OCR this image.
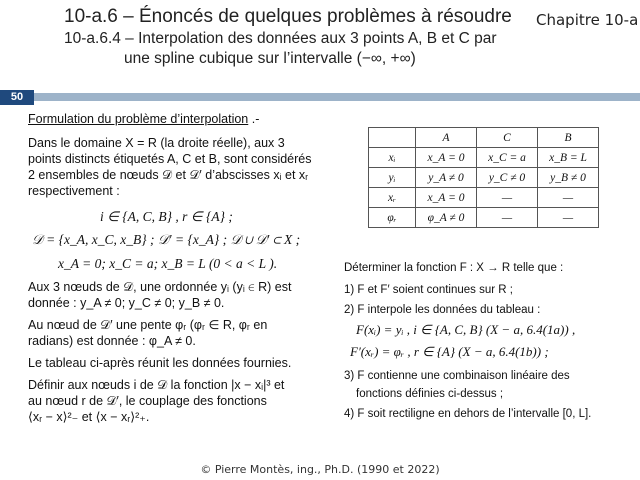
10-a.6 – Énoncés de quelques problèmes à résoudre
10-a.6.4 – Interpolation des données aux 3 points A, B et C par
une spline cubique sur l’intervalle (−∞, +∞)
Chapitre 10-a
50
Formulation du problème d’interpolation .-
Dans le domaine X = R (la droite réelle), aux 3
points distincts étiquetés A, C et B, sont considérés
2 ensembles de nœuds 𝒟 et 𝒟′ d’abscisses xᵢ et xᵣ
respectivement :
i ∈ {A, C, B} , r ∈ {A} ;
𝒟 = {x_A, x_C, x_B} ; 𝒟′ = {x_A} ; 𝒟 ∪ 𝒟′ ⊂ X ;
x_A = 0; x_C = a; x_B = L (0 < a < L ).
Aux 3 nœuds de 𝒟, une ordonnée yᵢ (yᵢ ∈ R) est
donnée : y_A ≠ 0; y_C ≠ 0; y_B ≠ 0.
Au nœud de 𝒟′ une pente φᵣ (φᵣ ∈ R, φᵣ en
radians) est donnée : φ_A ≠ 0.
Le tableau ci-après réunit les données fournies.
Définir aux nœuds i de 𝒟 la fonction |x − xᵢ|³ et
au nœud r de 𝒟′, le couplage des fonctions
⟨xᵣ − x⟩²₋ et ⟨x − xᵣ⟩²₊.
	A	C	B
xᵢ	x_A = 0	x_C = a	x_B = L
yᵢ	y_A ≠ 0	y_C ≠ 0	y_B ≠ 0
xᵣ	x_A = 0	—	—
φᵣ	φ_A ≠ 0	—	—
Déterminer la fonction F : X → R telle que :
1) F et F′ soient continues sur R ;
2) F interpole les données du tableau :
F(xᵢ) = yᵢ , i ∈ {A, C, B} (X − a, 6.4(1a)) ,
F′(xᵣ) = φᵣ , r ∈ {A} (X − a, 6.4(1b)) ;
3) F contienne une combinaison linéaire des
fonctions définies ci-dessus ;
4) F soit rectiligne en dehors de l’intervalle [0, L].
© Pierre Montès, ing., Ph.D. (1990 et 2022)
